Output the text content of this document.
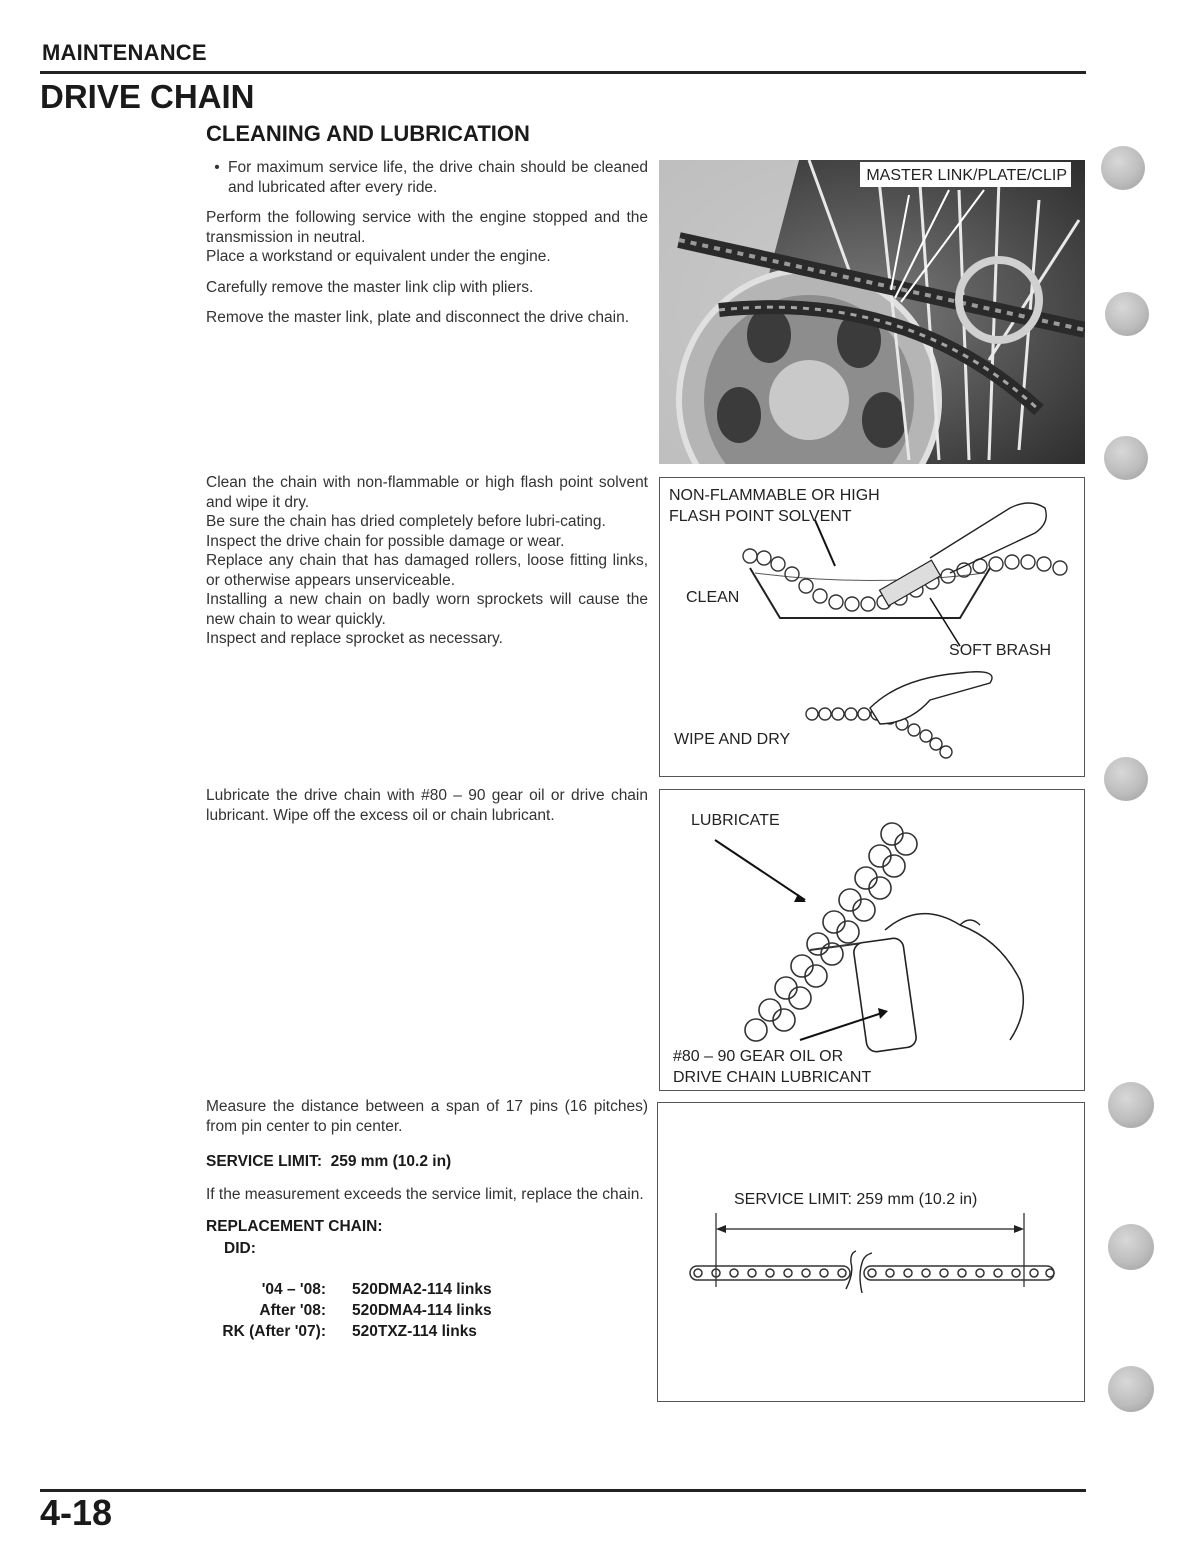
MAINTENANCE
DRIVE CHAIN
CLEANING AND LUBRICATION

• For maximum service life, the drive chain should be cleaned and lubricated after every ride.

Perform the following service with the engine stopped and the transmission in neutral.

Place a workstand or equivalent under the engine.

Carefully remove the master link clip with pliers.

Remove the master link, plate and disconnect the drive chain.

MASTER LINK/PLATE/CLIP

Clean the chain with non-flammable or high flash point solvent and wipe it dry.

Be sure the chain has dried completely before lubri-cating.

Inspect the drive chain for possible damage or wear.

Replace any chain that has damaged rollers, loose fitting links, or otherwise appears unserviceable.

Installing a new chain on badly worn sprockets will cause the new chain to wear quickly.

Inspect and replace sprocket as necessary.

NON-FLAMMABLE OR HIGH
FLASH POINT SOLVENT
CLEAN
SOFT BRASH
WIPE AND DRY

Lubricate the drive chain with #80 – 90 gear oil or drive chain lubricant. Wipe off the excess oil or chain lubricant.	LUBRICATE
#80 – 90 GEAR OIL OR
DRIVE CHAIN LUBRICANT

Measure the distance between a span of 17 pins (16 pitches) from pin center to pin center.

SERVICE LIMIT: 259 mm (10.2 in)

If the measurement exceeds the service limit, replace the chain.

REPLACEMENT CHAIN:

DID:

'04 – '08:	520DMA2-114 links
After '08:	520DMA4-114 links
RK (After '07):	520TXZ-114 links
SERVICE LIMIT: 259 mm (10.2 in)
4-18
